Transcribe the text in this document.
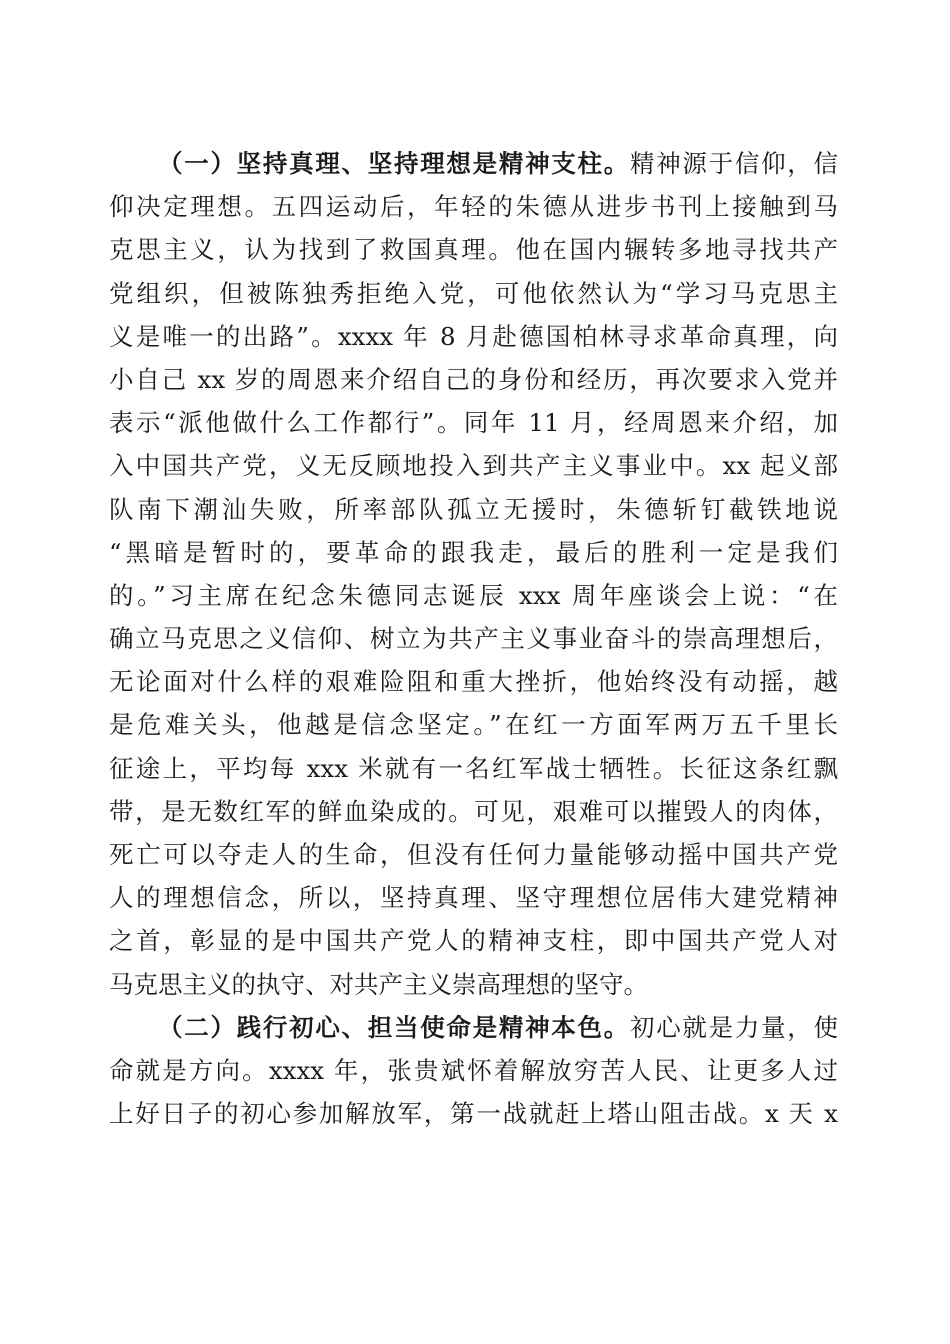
（一）坚持真理、坚持理想是精神支柱。精神源于信仰，信
仰决定理想。五四运动后，年轻的朱德从进步书刊上接触到马
克思主义，认为找到了救国真理。他在国内辗转多地寻找共产
党组织，但被陈独秀拒绝入党，可他依然认为“学习马克思主
义是唯一的出路”。xxxx 年 8 月赴德国柏林寻求革命真理，向
小自己 xx 岁的周恩来介绍自己的身份和经历，再次要求入党并
表示“派他做什么工作都行”。同年 11 月，经周恩来介绍，加
入中国共产党，义无反顾地投入到共产主义事业中。xx 起义部
队南下潮汕失败，所率部队孤立无援时，朱德斩钉截铁地说
“黑暗是暂时的，要革命的跟我走，最后的胜利一定是我们
的。”习主席在纪念朱德同志诞辰 xxx 周年座谈会上说：“在
确立马克思之义信仰、树立为共产主义事业奋斗的崇高理想后，
无论面对什么样的艰难险阻和重大挫折，他始终没有动摇，越
是危难关头，他越是信念坚定。”在红一方面军两万五千里长
征途上，平均每 xxx 米就有一名红军战士牺牲。长征这条红飘
带，是无数红军的鲜血染成的。可见，艰难可以摧毁人的肉体，
死亡可以夺走人的生命，但没有任何力量能够动摇中国共产党
人的理想信念，所以，坚持真理、坚守理想位居伟大建党精神
之首，彰显的是中国共产党人的精神支柱，即中国共产党人对
马克思主义的执守、对共产主义崇高理想的坚守。
（二）践行初心、担当使命是精神本色。初心就是力量，使
命就是方向。xxxx 年，张贵斌怀着解放穷苦人民、让更多人过
上好日子的初心参加解放军，第一战就赶上塔山阻击战。x 天 x
